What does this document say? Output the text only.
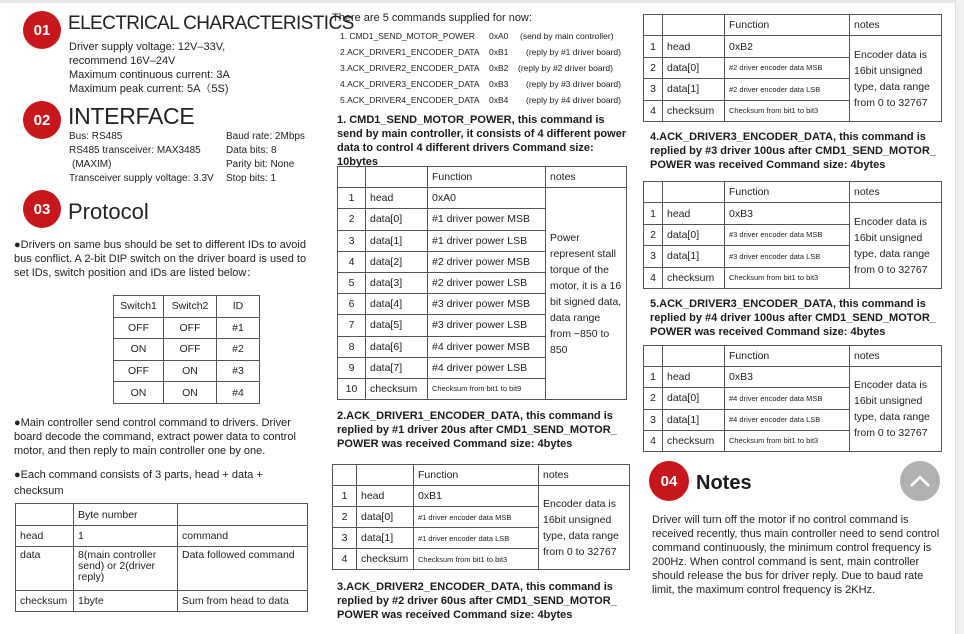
01 ELECTRICAL CHARACTERISTICS
Driver supply voltage: 12V–33V,
recommend 16V–24V
Maximum continuous current: 3A
Maximum peak current: 5A（5S)
02 INTERFACE
Bus: RS485
RS485 transceiver: MAX3485
(MAXIM)
Transceiver supply voltage: 3.3V
Baud rate: 2Mbps
Data bits: 8
Parity bit: None
Stop bits: 1
03 Protocol
●Drivers on same bus should be set to different IDs to avoid bus conflict. A 2-bit DIP switch on the driver board is used to set IDs, switch position and IDs are listed below：
Switch1	Switch2	ID
OFF	OFF	#1
ON	OFF	#2
OFF	ON	#3
ON	ON	#4
●Main controller send control command to drivers. Driver board decode the command, extract power data to control motor, and then reply to main controller one by one.
●Each command consists of 3 parts, head + data + checksum
	Byte number	
head	1	command
data	8(main controller send) or 2(driver reply)	Data followed command
checksum	1byte	Sum from head to data
There are 5 commands supplied for now:
1. CMD1_SEND_MOTOR_POWER 0xA0 (send by main controller)
2.ACK_DRIVER1_ENCODER_DATA 0xB1 (reply by #1 driver board)
3.ACK_DRIVER2_ENCODER_DATA 0xB2 (reply by #2 driver board)
4.ACK_DRIVER3_ENCODER_DATA 0xB3 (reply by #3 driver board)
5.ACK_DRIVER4_ENCODER_DATA 0xB4 (reply by #4 driver board)
1. CMD1_SEND_MOTOR_POWER, this command is send by main controller, it consists of 4 different power data to control 4 different drivers Command size: 10bytes
		Function	notes
1	head	0xA0	Power represent stall torque of the motor, it is a 16 bit signed data, data range from −850 to 850
2	data[0]	#1 driver power MSB	
3	data[1]	#1 driver power LSB	
4	data[2]	#2 driver power MSB	
5	data[3]	#2 driver power LSB	
6	data[4]	#3 driver power MSB	
7	data[5]	#3 driver power LSB	
8	data[6]	#4 driver power MSB	
9	data[7]	#4 driver power LSB	
10	checksum	Checksum from bit1 to bit9	
2.ACK_DRIVER1_ENCODER_DATA, this command is replied by #1 driver 20us after CMD1_SEND_MOTOR_ POWER was received Command size: 4bytes
		Function	notes
1	head	0xB1	Encoder data is 16bit unsigned type, data range from 0 to 32767
2	data[0]	#1 driver encoder data MSB	
3	data[1]	#1 driver encoder data LSB	
4	checksum	Checksum from bit1 to bit3	
3.ACK_DRIVER2_ENCODER_DATA, this command is replied by #2 driver 60us after CMD1_SEND_MOTOR_ POWER was received Command size: 4bytes
		Function	notes
1	head	0xB2	Encoder data is 16bit unsigned type, data range from 0 to 32767
2	data[0]	#2 driver encoder data MSB	
3	data[1]	#2 driver encoder data LSB	
4	checksum	Checksum from bit1 to bit3	
4.ACK_DRIVER3_ENCODER_DATA, this command is replied by #3 driver 100us after CMD1_SEND_MOTOR_ POWER was received Command size: 4bytes
		Function	notes
1	head	0xB3	Encoder data is 16bit unsigned type, data range from 0 to 32767
2	data[0]	#3 driver encoder data MSB	
3	data[1]	#3 driver encoder data LSB	
4	checksum	Checksum from bit1 to bit3	
5.ACK_DRIVER3_ENCODER_DATA, this command is replied by #4 driver 100us after CMD1_SEND_MOTOR_ POWER was received Command size: 4bytes
		Function	notes
1	head	0xB3	Encoder data is 16bit unsigned type, data range from 0 to 32767
2	data[0]	#4 driver encoder data MSB	
3	data[1]	#4 driver encoder data LSB	
4	checksum	Checksum from bit1 to bit3	
04 Notes
Driver will turn off the motor if no control command is received recently, thus main controller need to send control command continuously, the minimum control frequency is 200Hz. When control command is sent, main controller should release the bus for driver reply. Due to baud rate limit, the maximum control frequency is 2KHz.
